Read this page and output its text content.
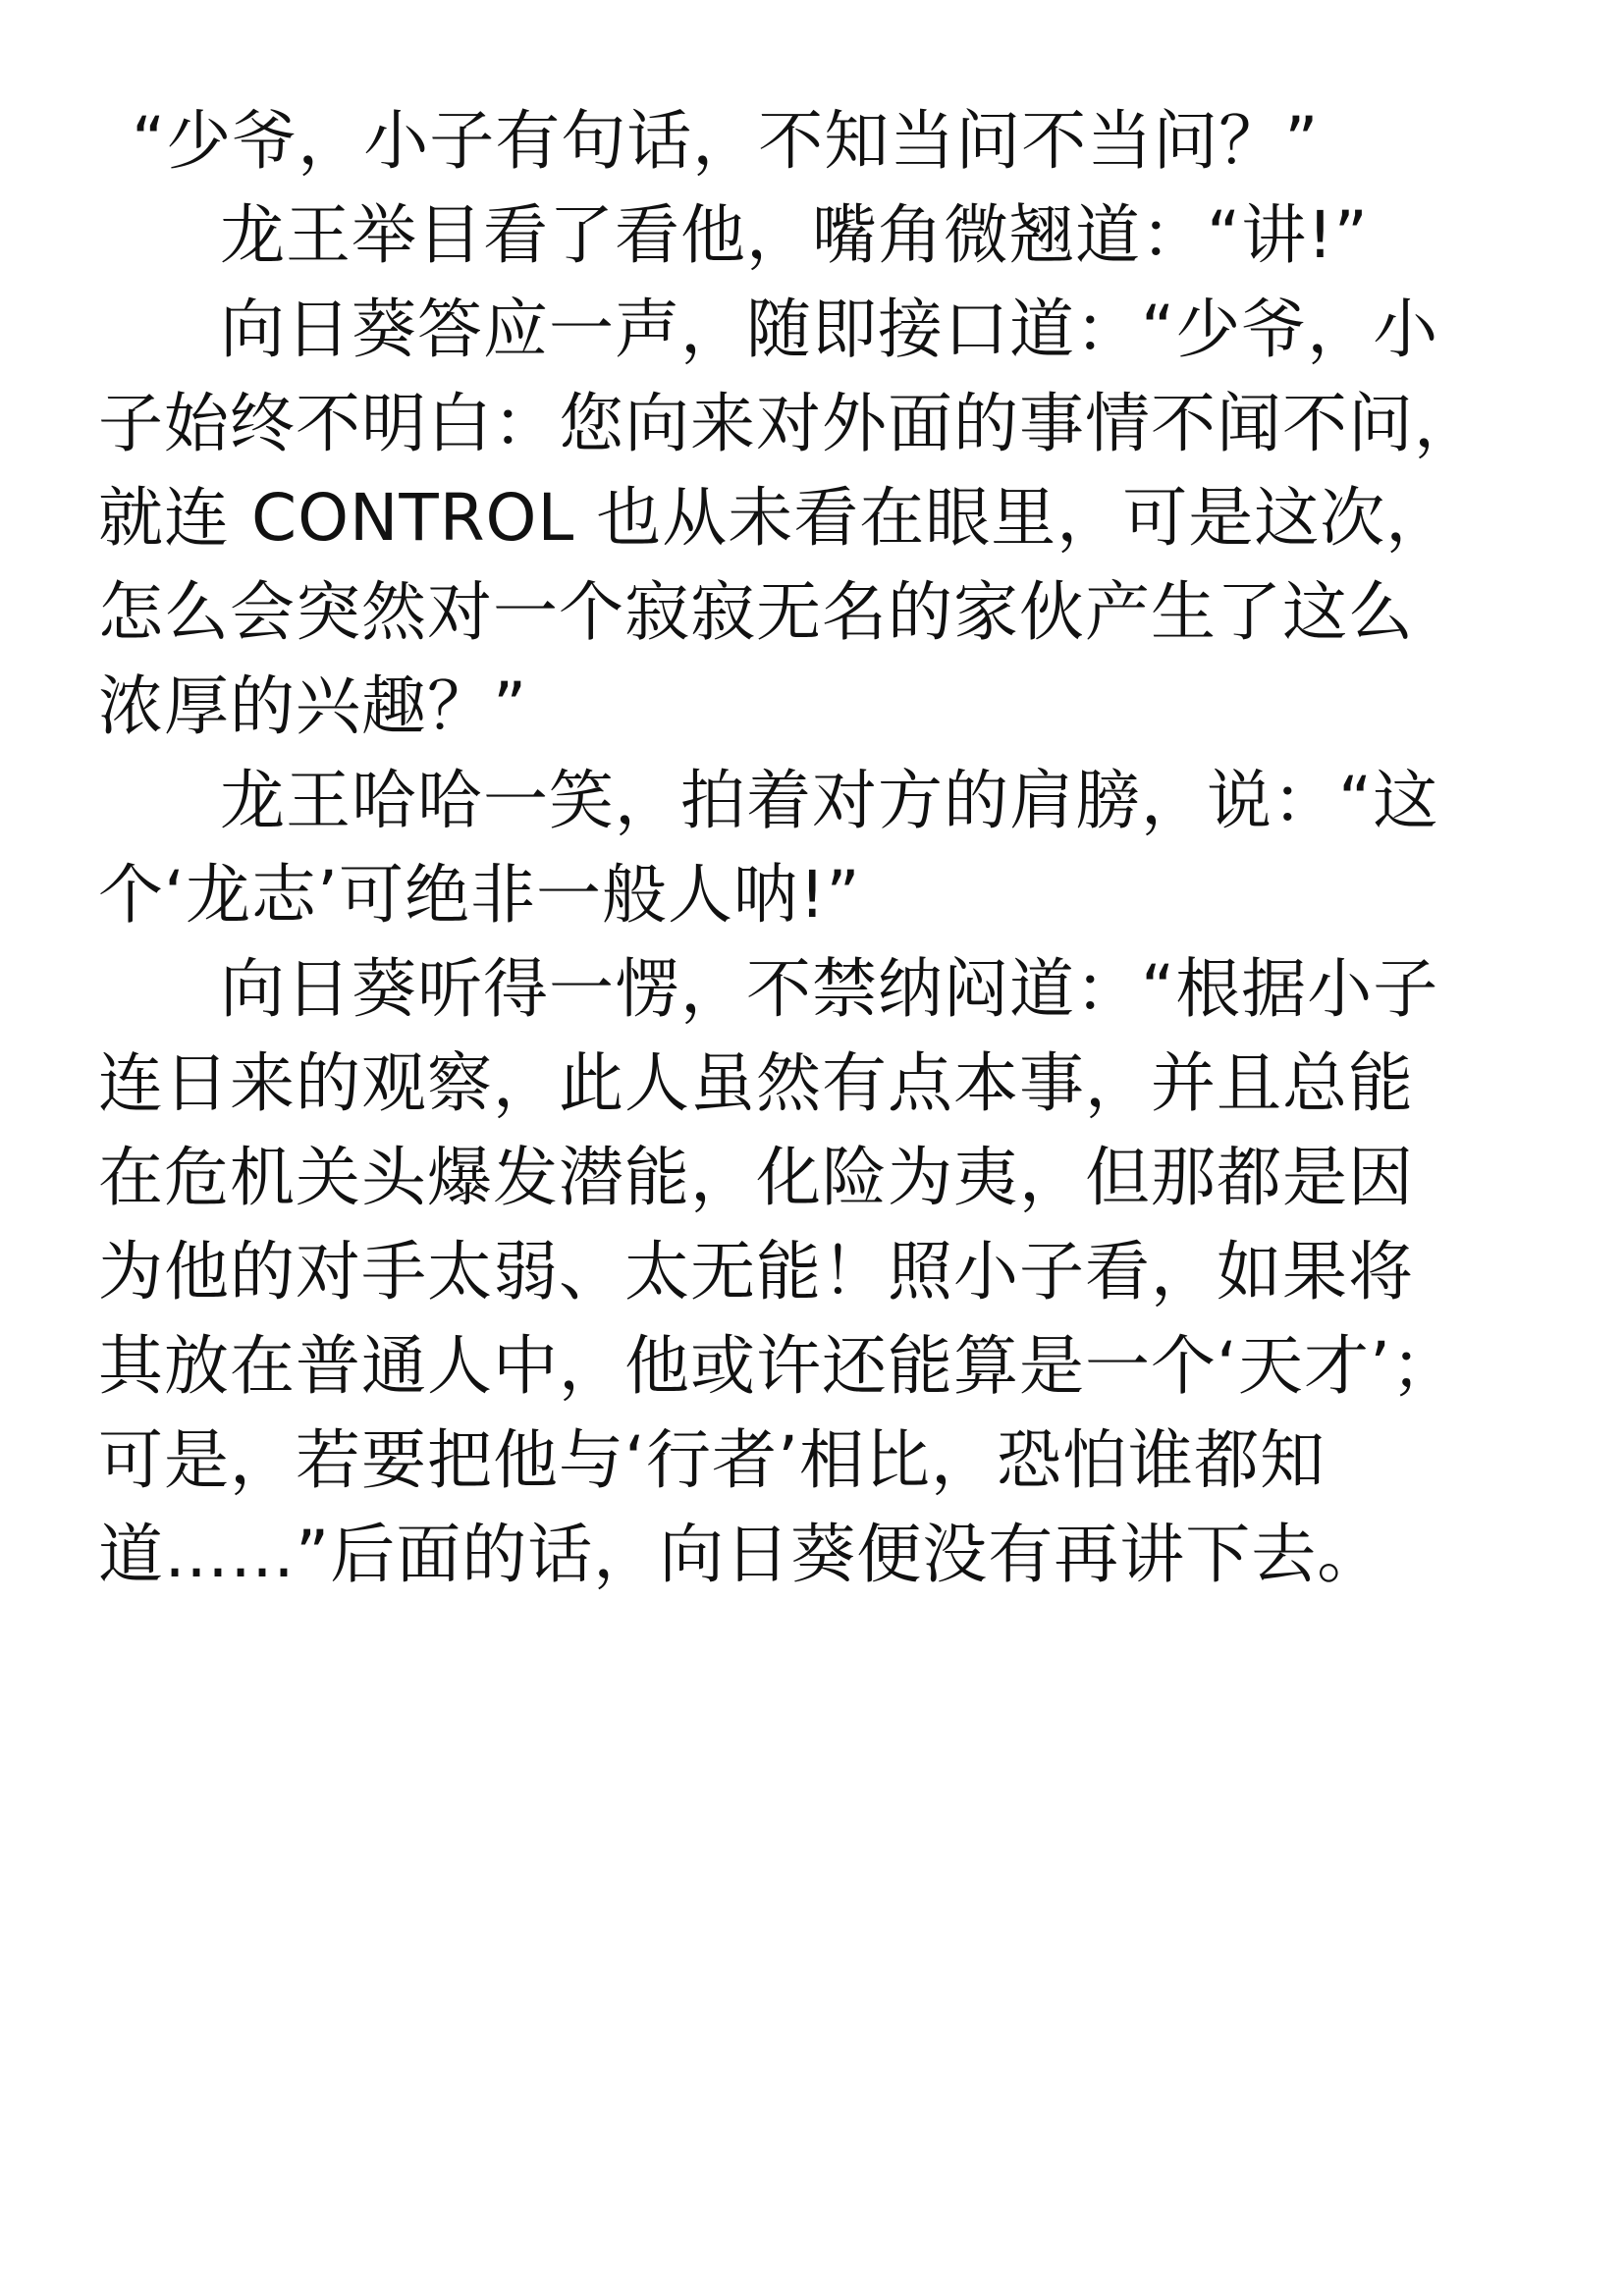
“少爷，小子有句话，不知当问不当问？”
龙王举目看了看他，嘴角微翘道：“讲!”
向日葵答应一声，随即接口道：“少爷，小
子始终不明白：您向来对外面的事情不闻不问，
就连 CONTROL 也从未看在眼里，可是这次，
怎么会突然对一个寂寂无名的家伙产生了这么
浓厚的兴趣？”
龙王哈哈一笑，拍着对方的肩膀，说：“这
个‘龙志’可绝非一般人呐!”
向日葵听得一愣，不禁纳闷道：“根据小子
连日来的观察，此人虽然有点本事，并且总能
在危机关头爆发潜能，化险为夷，但那都是因
为他的对手太弱、太无能！照小子看，如果将
其放在普通人中，他或许还能算是一个‘天才’；
可是，若要把他与‘行者’相比，恐怕谁都知
道……”后面的话，向日葵便没有再讲下去。
